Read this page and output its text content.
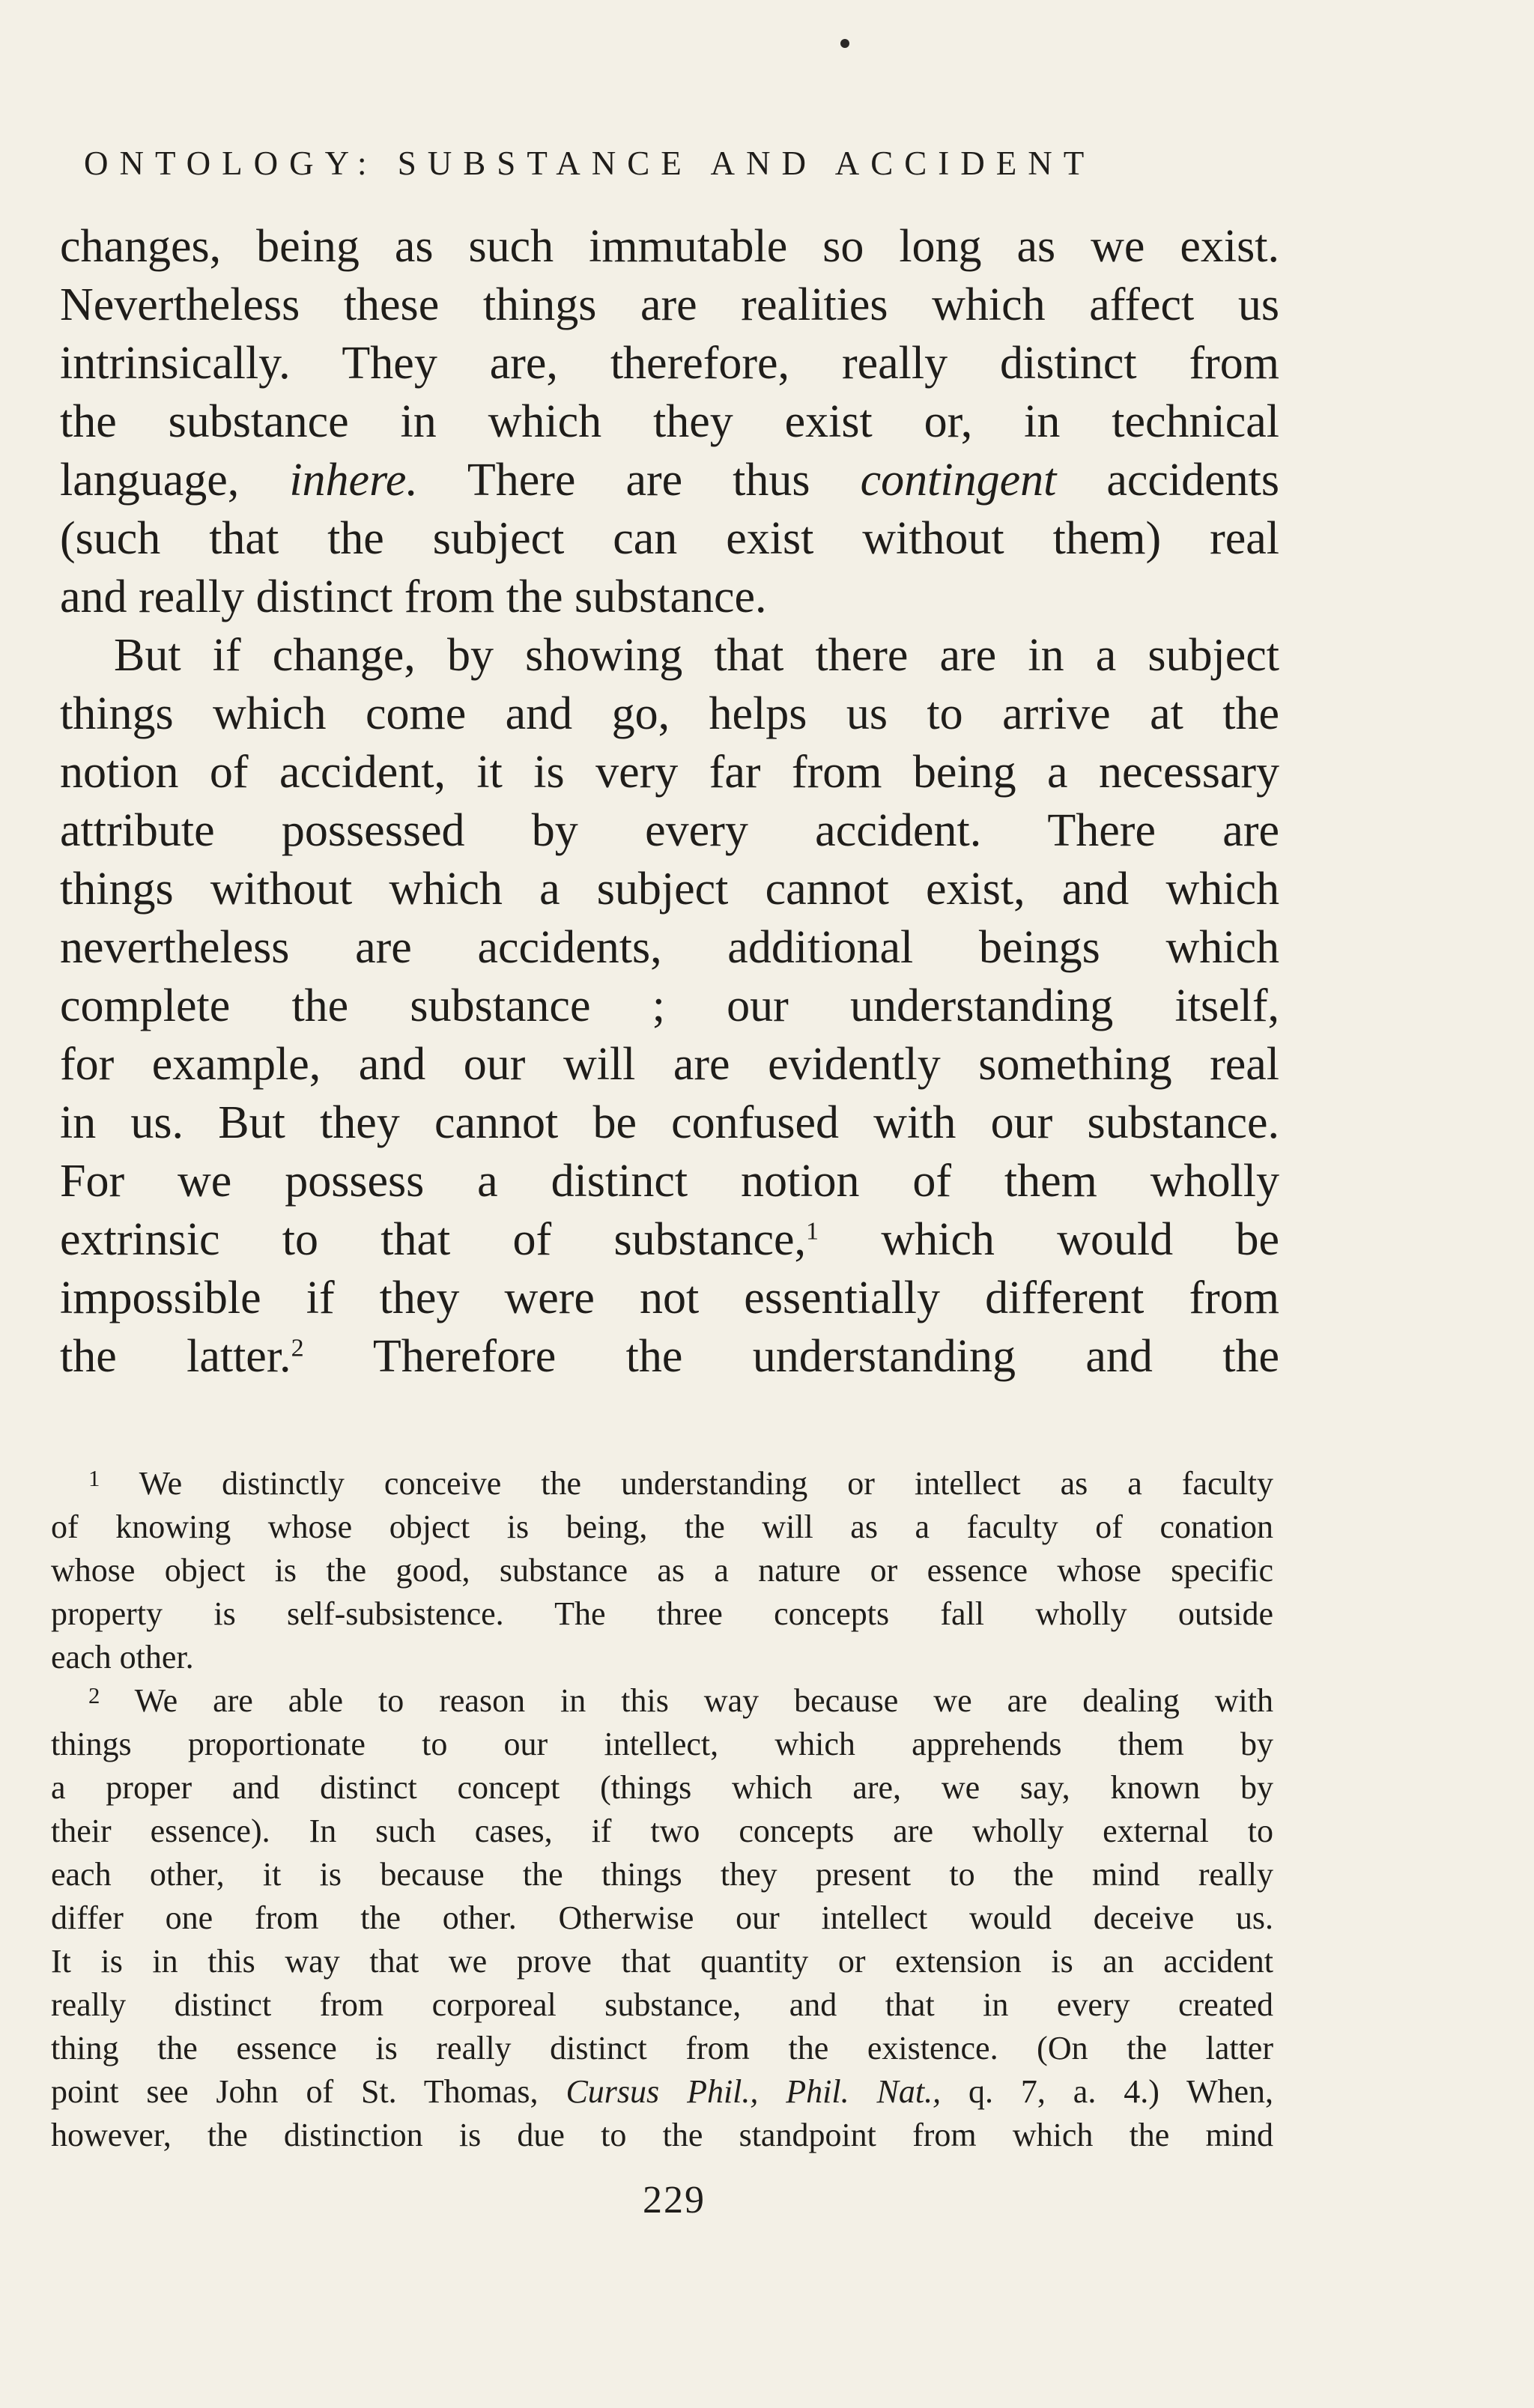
ONTOLOGY: SUBSTANCE AND ACCIDENT
changes, being as such immutable so long as we exist.
Nevertheless these things are realities which affect us
intrinsically. They are, therefore, really distinct from
the substance in which they exist or, in technical
language, inhere. There are thus contingent accidents
(such that the subject can exist without them) real
and really distinct from the substance.
But if change, by showing that there are in a subject
things which come and go, helps us to arrive at the
notion of accident, it is very far from being a necessary
attribute possessed by every accident. There are
things without which a subject cannot exist, and which
nevertheless are accidents, additional beings which
complete the substance ; our understanding itself,
for example, and our will are evidently something real
in us. But they cannot be confused with our substance.
For we possess a distinct notion of them wholly
extrinsic to that of substance,$^1$ which would be
impossible if they were not essentially different from
the latter.$^2$ Therefore the understanding and the
$^1$ We distinctly conceive the understanding or intellect as a faculty
of knowing whose object is being, the will as a faculty of conation
whose object is the good, substance as a nature or essence whose specific
property is self-subsistence. The three concepts fall wholly outside
each other.
$^2$ We are able to reason in this way because we are dealing with
things proportionate to our intellect, which apprehends them by
a proper and distinct concept (things which are, we say, known by
their essence). In such cases, if two concepts are wholly external to
each other, it is because the things they present to the mind really
differ one from the other. Otherwise our intellect would deceive us.
It is in this way that we prove that quantity or extension is an accident
really distinct from corporeal substance, and that in every created
thing the essence is really distinct from the existence. (On the latter
point see John of St. Thomas, Cursus Phil., Phil. Nat., q. 7, a. 4.) When,
however, the distinction is due to the standpoint from which the mind
229
